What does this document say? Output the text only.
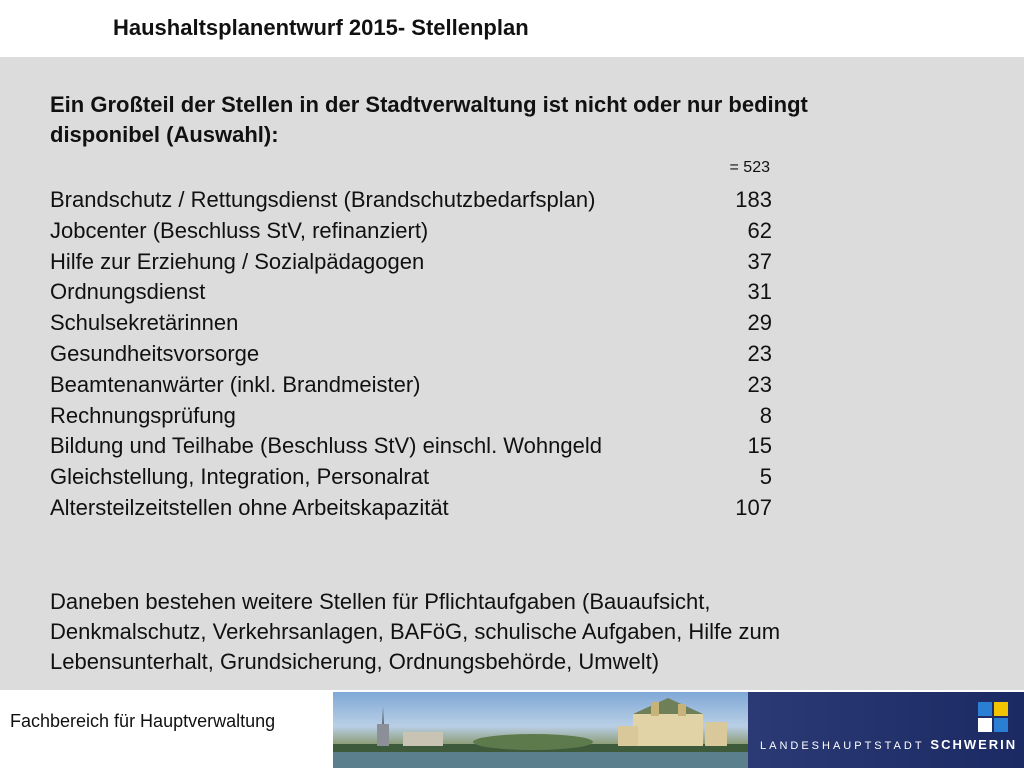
Haushaltsplanentwurf 2015- Stellenplan
Ein Großteil der Stellen in der Stadtverwaltung ist nicht oder nur bedingt
disponibel (Auswahl):
= 523
Brandschutz / Rettungsdienst (Brandschutzbedarfsplan)	183
Jobcenter (Beschluss StV, refinanziert)	62
Hilfe zur Erziehung / Sozialpädagogen	37
Ordnungsdienst	31
Schulsekretärinnen	29
Gesundheitsvorsorge	23
Beamtenanwärter (inkl. Brandmeister)	23
Rechnungsprüfung	8
Bildung und Teilhabe (Beschluss StV) einschl. Wohngeld	15
Gleichstellung, Integration, Personalrat	5
Altersteilzeitstellen ohne Arbeitskapazität	107
Daneben bestehen weitere Stellen für Pflichtaufgaben (Bauaufsicht,
Denkmalschutz, Verkehrsanlagen, BAFöG, schulische Aufgaben, Hilfe zum
Lebensunterhalt, Grundsicherung, Ordnungsbehörde, Umwelt)
Fachbereich für Hauptverwaltung
LANDESHAUPTSTADT SCHWERIN
